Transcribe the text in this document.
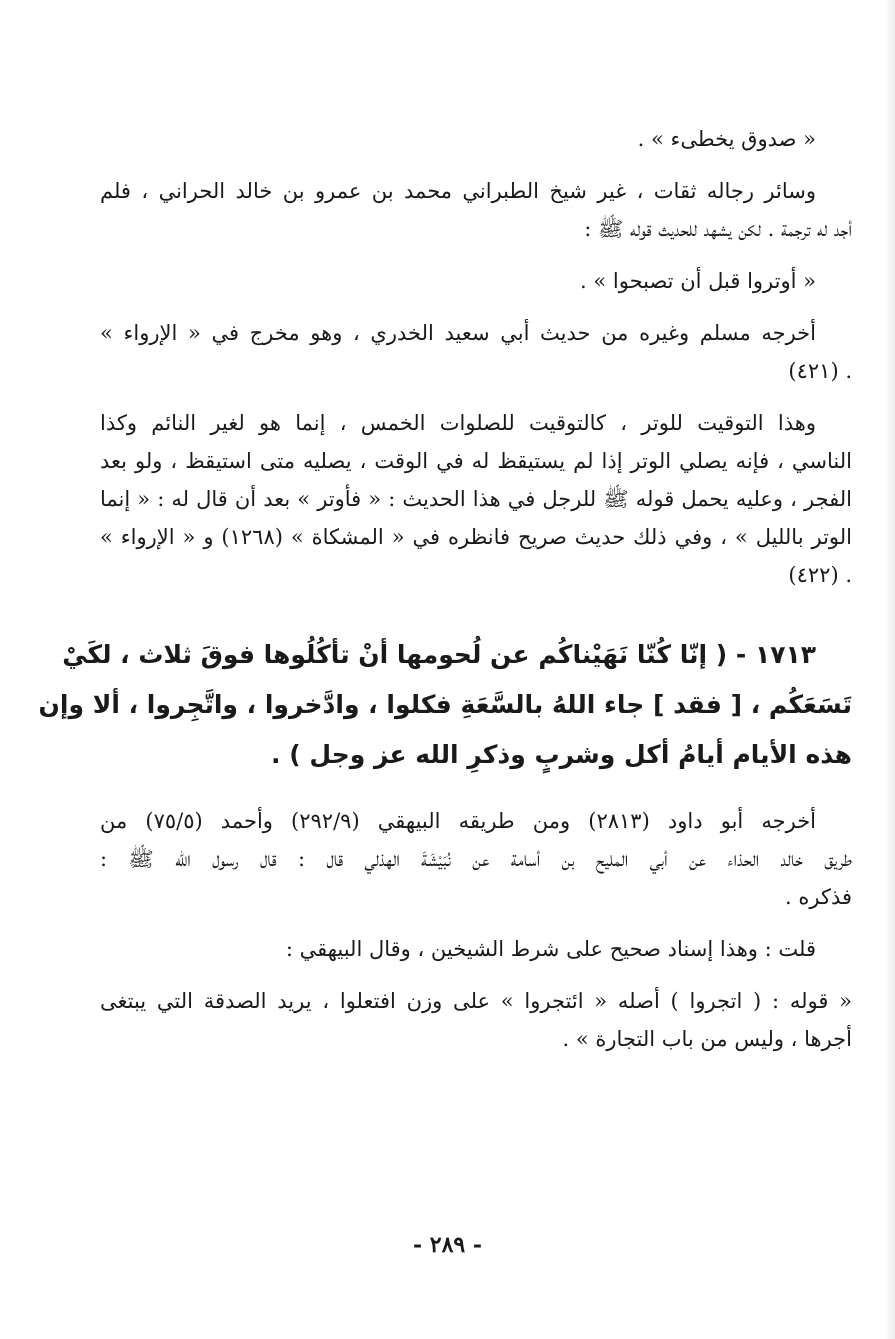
« صدوق يخطىء » .
وسائر رجاله ثقات ، غير شيخ الطبراني محمد بن عمرو بن خالد الحراني ، فلم
أجد له ترجمة . لكن يشهد للحديث قوله ﷺ :
« أوتروا قبل أن تصبحوا » .
أخرجه مسلم وغيره من حديث أبي سعيد الخدري ، وهو مخرج في « الإرواء »
. (٤٢١)
وهذا التوقيت للوتر ، كالتوقيت للصلوات الخمس ، إنما هو لغير النائم وكذا
الناسي ، فإنه يصلي الوتر إذا لم يستيقظ له في الوقت ، يصليه متى استيقظ ، ولو بعد
الفجر ، وعليه يحمل قوله ﷺ للرجل في هذا الحديث : « فأوتر » بعد أن قال له : « إنما
الوتر بالليل » ، وفي ذلك حديث صريح فانظره في « المشكاة » (١٢٦٨) و « الإرواء »
. (٤٢٢)
١٧١٣ - ( إنّا كُنّا نَهَيْناكُم عن لُحومها أنْ تأكُلُوها فوقَ ثلاث ، لكَيْ
تَسَعَكُم ، [ فقد ] جاء اللهُ بالسَّعَةِ فكلوا ، وادَّخروا ، واتَّجِروا ، ألا وإن
هذه الأيام أيامُ أكل وشربٍ وذكرِ الله عز وجل ) .
أخرجه أبو داود (٢٨١٣) ومن طريقه البيهقي (٢٩٢/٩) وأحمد (٧٥/٥) من
طريق خالد الحذاء عن أبي المليح بن أسامة عن نُبَيْشَةَ الهذلي قال : قال رسول الله ﷺ :
فذكره .
قلت : وهذا إسناد صحيح على شرط الشيخين ، وقال البيهقي :
« قوله : ( اتجروا ) أصله « ائتجروا » على وزن افتعلوا ، يريد الصدقة التي يبتغى
أجرها ، وليس من باب التجارة » .
- ٢٨٩ -
